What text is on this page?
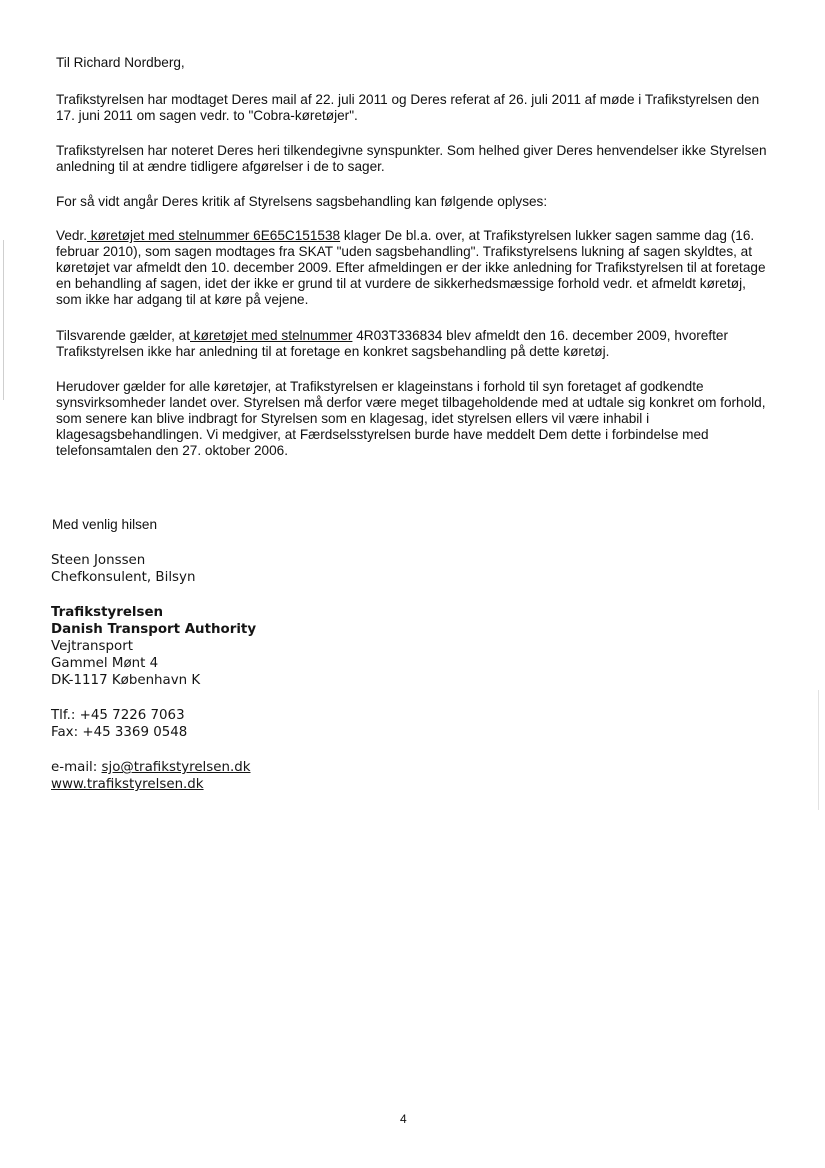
Til Richard Nordberg,

Trafikstyrelsen har modtaget Deres mail af 22. juli 2011 og Deres referat af 26. juli 2011 af møde i Trafikstyrelsen den 17. juni 2011 om sagen vedr. to "Cobra-køretøjer".

Trafikstyrelsen har noteret Deres heri tilkendegivne synspunkter. Som helhed giver Deres henvendelser ikke Styrelsen anledning til at ændre tidligere afgørelser i de to sager.

For så vidt angår Deres kritik af Styrelsens sagsbehandling kan følgende oplyses:

Vedr. køretøjet med stelnummer 6E65C151538 klager De bl.a. over, at Trafikstyrelsen lukker sagen samme dag (16. februar 2010), som sagen modtages fra SKAT "uden sagsbehandling". Trafikstyrelsens lukning af sagen skyldtes, at køretøjet var afmeldt den 10. december 2009. Efter afmeldingen er der ikke anledning for Trafikstyrelsen til at foretage en behandling af sagen, idet der ikke er grund til at vurdere de sikkerhedsmæssige forhold vedr. et afmeldt køretøj, som ikke har adgang til at køre på vejene.

Tilsvarende gælder, at køretøjet med stelnummer 4R03T336834 blev afmeldt den 16. december 2009, hvorefter Trafikstyrelsen ikke har anledning til at foretage en konkret sagsbehandling på dette køretøj.

Herudover gælder for alle køretøjer, at Trafikstyrelsen er klageinstans i forhold til syn foretaget af godkendte synsvirksomheder landet over. Styrelsen må derfor være meget tilbageholdende med at udtale sig konkret om forhold, som senere kan blive indbragt for Styrelsen som en klagesag, idet styrelsen ellers vil være inhabil i klagesagsbehandlingen. Vi medgiver, at Færdselsstyrelsen burde have meddelt Dem dette i forbindelse med telefonsamtalen den 27. oktober 2006.

Med venlig hilsen
Steen Jonssen
Chefkonsulent, Bilsyn
Trafikstyrelsen
Danish Transport Authority
Vejtransport
Gammel Mønt 4
DK-1117 København K
Tlf.: +45 7226 7063
Fax: +45 3369 0548
e-mail: sjo@trafikstyrelsen.dk
www.trafikstyrelsen.dk
4
